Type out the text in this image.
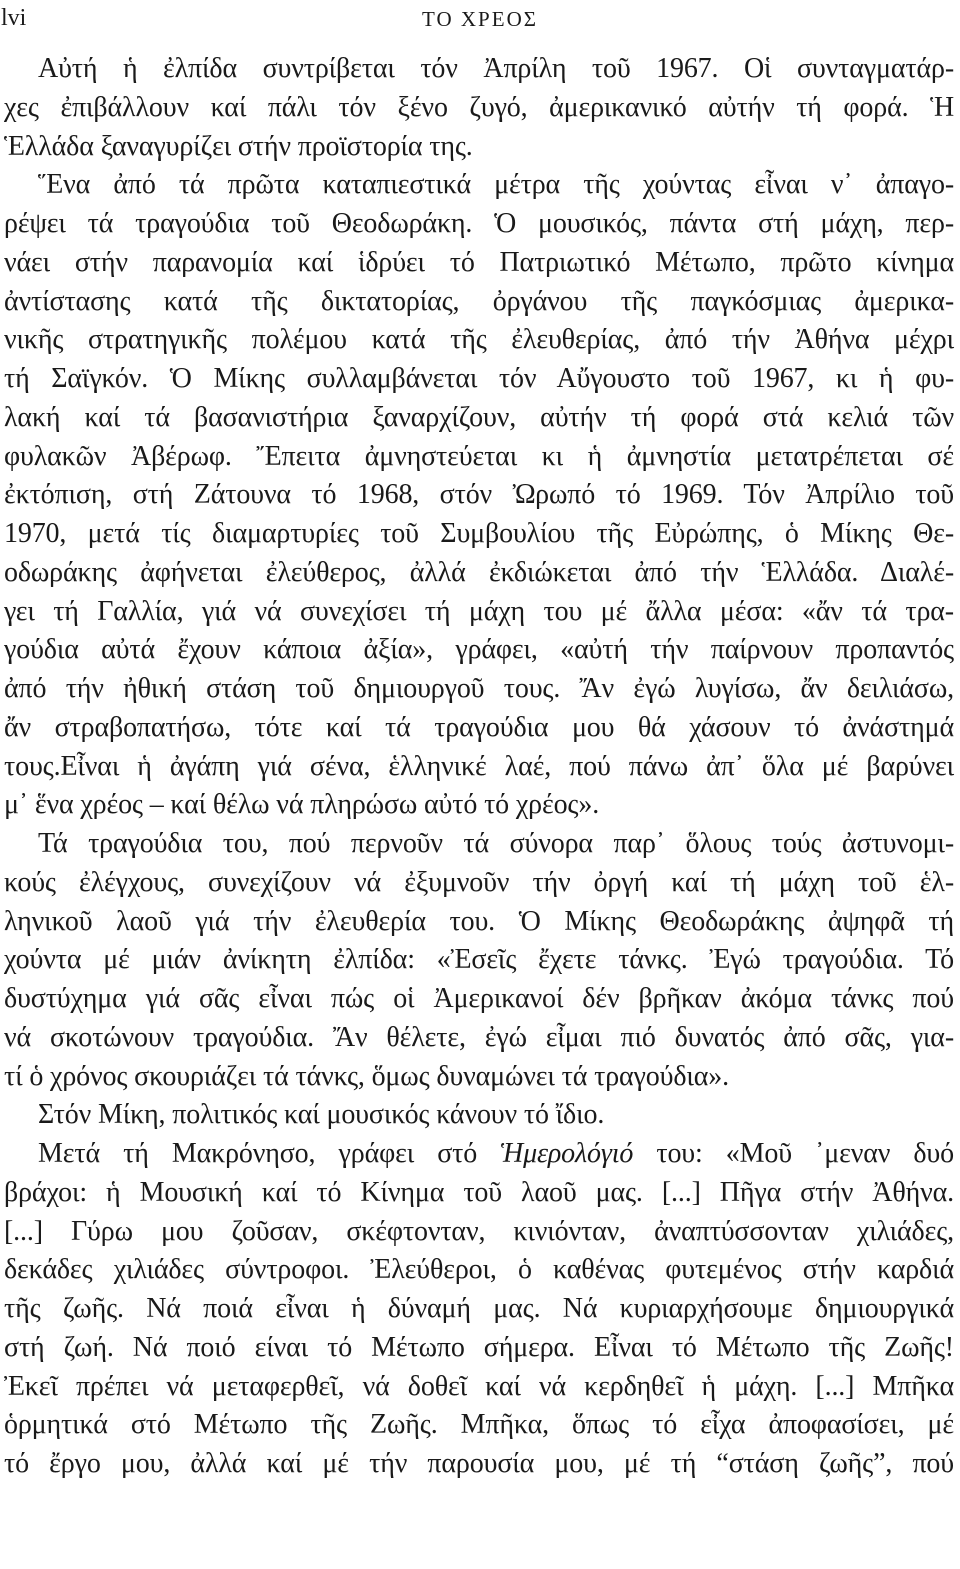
lvi	ΤΟ ΧΡΕΟΣ
Αὐτή ἡ ἐλπίδα συντρίβεται τόν Ἀπρίλη τοῦ 1967. Οἱ συνταγματάρ-
χες ἐπιβάλλουν καί πάλι τόν ξένο ζυγό, ἀμερικανικό αὐτήν τή φορά. Ἡ
Ἑλλάδα ξαναγυρίζει στήν προϊστορία της.
Ἕνα ἀπό τά πρῶτα καταπιεστικά μέτρα τῆς χούντας εἶναι ν᾽ ἀπαγο-
ρέψει τά τραγούδια τοῦ Θεοδωράκη. Ὁ μουσικός, πάντα στή μάχη, περ-
νάει στήν παρανομία καί ἱδρύει τό Πατριωτικό Μέτωπο, πρῶτο κίνημα
ἀντίστασης κατά τῆς δικτατορίας, ὀργάνου τῆς παγκόσμιας ἀμερικα-
νικῆς στρατηγικῆς πολέμου κατά τῆς ἐλευθερίας, ἀπό τήν Ἀθήνα μέχρι
τή Σαϊγκόν. Ὁ Μίκης συλλαμβάνεται τόν Αὔγουστο τοῦ 1967, κι ἡ φυ-
λακή καί τά βασανιστήρια ξαναρχίζουν, αὐτήν τή φορά στά κελιά τῶν
φυλακῶν Ἀβέρωφ. Ἔπειτα ἀμνηστεύεται κι ἡ ἀμνηστία μετατρέπεται σέ
ἐκτόπιση, στή Ζάτουνα τό 1968, στόν Ὠρωπό τό 1969. Τόν Ἀπρίλιο τοῦ
1970, μετά τίς διαμαρτυρίες τοῦ Συμβουλίου τῆς Εὐρώπης, ὁ Μίκης Θε-
οδωράκης ἀφήνεται ἐλεύθερος, ἀλλά ἐκδιώκεται ἀπό τήν Ἑλλάδα. Διαλέ-
γει τή Γαλλία, γιά νά συνεχίσει τή μάχη του μέ ἄλλα μέσα: «ἄν τά τρα-
γούδια αὐτά ἔχουν κάποια ἀξία», γράφει, «αὐτή τήν παίρνουν προπαντός
ἀπό τήν ἠθική στάση τοῦ δημιουργοῦ τους. Ἄν ἐγώ λυγίσω, ἄν δειλιάσω,
ἄν στραβοπατήσω, τότε καί τά τραγούδια μου θά χάσουν τό ἀνάστημά
τους.Εἶναι ἡ ἀγάπη γιά σένα, ἑλληνικέ λαέ, πού πάνω ἀπ᾽ ὅλα μέ βαρύνει
μ᾽ ἕνα χρέος – καί θέλω νά πληρώσω αὐτό τό χρέος».
Τά τραγούδια του, πού περνοῦν τά σύνορα παρ᾽ ὅλους τούς ἀστυνομι-
κούς ἐλέγχους, συνεχίζουν νά ἐξυμνοῦν τήν ὀργή καί τή μάχη τοῦ ἑλ-
ληνικοῦ λαοῦ γιά τήν ἐλευθερία του. Ὁ Μίκης Θεοδωράκης ἀψηφᾶ τή
χούντα μέ μιάν ἀνίκητη ἐλπίδα: «Ἐσεῖς ἔχετε τάνκς. Ἐγώ τραγούδια. Τό
δυστύχημα γιά σᾶς εἶναι πώς οἱ Ἀμερικανοί δέν βρῆκαν ἀκόμα τάνκς πού
νά σκοτώνουν τραγούδια. Ἄν θέλετε, ἐγώ εἶμαι πιό δυνατός ἀπό σᾶς, για-
τί ὁ χρόνος σκουριάζει τά τάνκς, ὅμως δυναμώνει τά τραγούδια».
Στόν Μίκη, πολιτικός καί μουσικός κάνουν τό ἴδιο.
Μετά τή Μακρόνησο, γράφει στό Ἡμερολόγιό του: «Μοῦ ᾽μεναν δυό
βράχοι: ἡ Μουσική καί τό Κίνημα τοῦ λαοῦ μας. [...] Πῆγα στήν Ἀθήνα.
[...] Γύρω μου ζοῦσαν, σκέφτονταν, κινιόνταν, ἀναπτύσσονταν χιλιάδες,
δεκάδες χιλιάδες σύντροφοι. Ἐλεύθεροι, ὁ καθένας φυτεμένος στήν καρδιά
τῆς ζωῆς. Νά ποιά εἶναι ἡ δύναμή μας. Νά κυριαρχήσουμε δημιουργικά
στή ζωή. Νά ποιό είναι τό Μέτωπο σήμερα. Εἶναι τό Μέτωπο τῆς Ζωῆς!
Ἐκεῖ πρέπει νά μεταφερθεῖ, νά δοθεῖ καί νά κερδηθεῖ ἡ μάχη. [...] Μπῆκα
ὁρμητικά στό Μέτωπο τῆς Ζωῆς. Μπῆκα, ὅπως τό εἶχα ἀποφασίσει, μέ
τό ἔργο μου, ἀλλά καί μέ τήν παρουσία μου, μέ τή “στάση ζωῆς”, πού
